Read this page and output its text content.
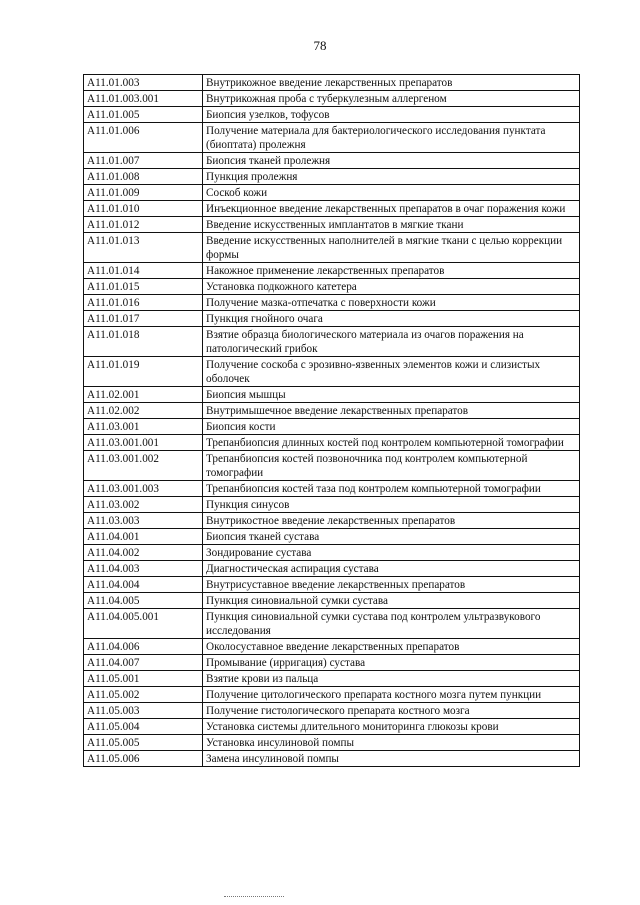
78
A11.01.003	Внутрикожное введение лекарственных препаратов
A11.01.003.001	Внутрикожная проба с туберкулезным аллергеном
A11.01.005	Биопсия узелков, тофусов
A11.01.006	Получение материала для бактериологического исследования пунктата (биоптата) пролежня
A11.01.007	Биопсия тканей пролежня
A11.01.008	Пункция пролежня
A11.01.009	Соскоб кожи
A11.01.010	Инъекционное введение лекарственных препаратов в очаг поражения кожи
A11.01.012	Введение искусственных имплантатов в мягкие ткани
A11.01.013	Введение искусственных наполнителей в мягкие ткани с целью коррекции формы
A11.01.014	Накожное применение лекарственных препаратов
A11.01.015	Установка подкожного катетера
A11.01.016	Получение мазка-отпечатка с поверхности кожи
A11.01.017	Пункция гнойного очага
A11.01.018	Взятие образца биологического материала из очагов поражения на патологический грибок
A11.01.019	Получение соскоба с эрозивно-язвенных элементов кожи и слизистых оболочек
A11.02.001	Биопсия мышцы
A11.02.002	Внутримышечное введение лекарственных препаратов
A11.03.001	Биопсия кости
A11.03.001.001	Трепанбиопсия длинных костей под контролем компьютерной томографии
A11.03.001.002	Трепанбиопсия костей позвоночника под контролем компьютерной томографии
A11.03.001.003	Трепанбиопсия костей таза под контролем компьютерной томографии
A11.03.002	Пункция синусов
A11.03.003	Внутрикостное введение лекарственных препаратов
A11.04.001	Биопсия тканей сустава
A11.04.002	Зондирование сустава
A11.04.003	Диагностическая аспирация сустава
A11.04.004	Внутрисуставное введение лекарственных препаратов
A11.04.005	Пункция синовиальной сумки сустава
A11.04.005.001	Пункция синовиальной сумки сустава под контролем ультразвукового исследования
A11.04.006	Околосуставное введение лекарственных препаратов
A11.04.007	Промывание (ирригация) сустава
A11.05.001	Взятие крови из пальца
A11.05.002	Получение цитологического препарата костного мозга путем пункции
A11.05.003	Получение гистологического препарата костного мозга
A11.05.004	Установка системы длительного мониторинга глюкозы крови
A11.05.005	Установка инсулиновой помпы
A11.05.006	Замена инсулиновой помпы
